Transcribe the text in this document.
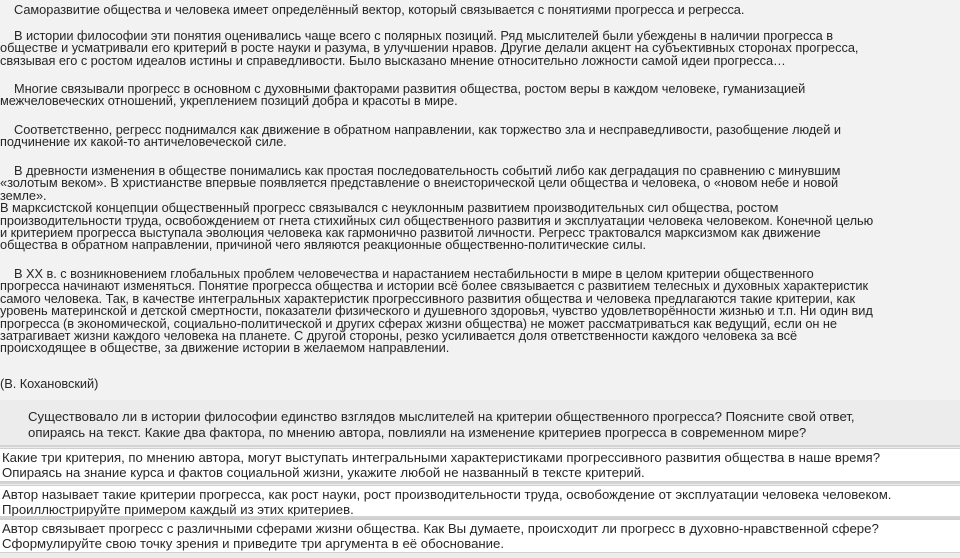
Саморазвитие общества и человека имеет определённый вектор, который связывается с понятиями прогресса и регресса.
В истории философии эти понятия оценивались чаще всего с полярных позиций. Ряд мыслителей были убеждены в наличии прогресса в
обществе и усматривали его критерий в росте науки и разума, в улучшении нравов. Другие делали акцент на субъективных сторонах прогресса,
связывая его с ростом идеалов истины и справедливости. Было высказано мнение относительно ложности самой идеи прогресса…
Многие связывали прогресс в основном с духовными факторами развития общества, ростом веры в каждом человеке, гуманизацией
межчеловеческих отношений, укреплением позиций добра и красоты в мире.
Соответственно, регресс поднимался как движение в обратном направлении, как торжество зла и несправедливости, разобщение людей и
подчинение их какой-то античеловеческой силе.
В древности изменения в обществе понимались как простая последовательность событий либо как деградация по сравнению с минувшим
«золотым веком». В христианстве впервые появляется представление о внеисторической цели общества и человека, о «новом небе и новой
земле».
В марксистской концепции общественный прогресс связывался с неуклонным развитием производительных сил общества, ростом
производительности труда, освобождением от гнета стихийных сил общественного развития и эксплуатации человека человеком. Конечной целью
и критерием прогресса выступала эволюция человека как гармонично развитой личности. Регресс трактовался марксизмом как движение
общества в обратном направлении, причиной чего являются реакционные общественно-политические силы.
В XX в. с возникновением глобальных проблем человечества и нарастанием нестабильности в мире в целом критерии общественного
прогресса начинают изменяться. Понятие прогресса общества и истории всё более связывается с развитием телесных и духовных характеристик
самого человека. Так, в качестве интегральных характеристик прогрессивного развития общества и человека предлагаются такие критерии, как
уровень материнской и детской смертности, показатели физического и душевного здоровья, чувство удовлетворённости жизнью и т.п. Ни один вид
прогресса (в экономической, социально-политической и других сферах жизни общества) не может рассматриваться как ведущий, если он не
затрагивает жизни каждого человека на планете. С другой стороны, резко усиливается доля ответственности каждого человека за всё
происходящее в обществе, за движение истории в желаемом направлении.
(В. Кохановский)
Существовало ли в истории философии единство взглядов мыслителей на критерии общественного прогресса? Поясните свой ответ,
опираясь на текст. Какие два фактора, по мнению автора, повлияли на изменение критериев прогресса в современном мире?
Какие три критерия, по мнению автора, могут выступать интегральными характеристиками прогрессивного развития общества в наше время?
Опираясь на знание курса и фактов социальной жизни, укажите любой не названный в тексте критерий.
Автор называет такие критерии прогресса, как рост науки, рост производительности труда, освобождение от эксплуатации человека человеком.
Проиллюстрируйте примером каждый из этих критериев.
Автор связывает прогресс с различными сферами жизни общества. Как Вы думаете, происходит ли прогресс в духовно-нравственной сфере?
Сформулируйте свою точку зрения и приведите три аргумента в её обоснование.
